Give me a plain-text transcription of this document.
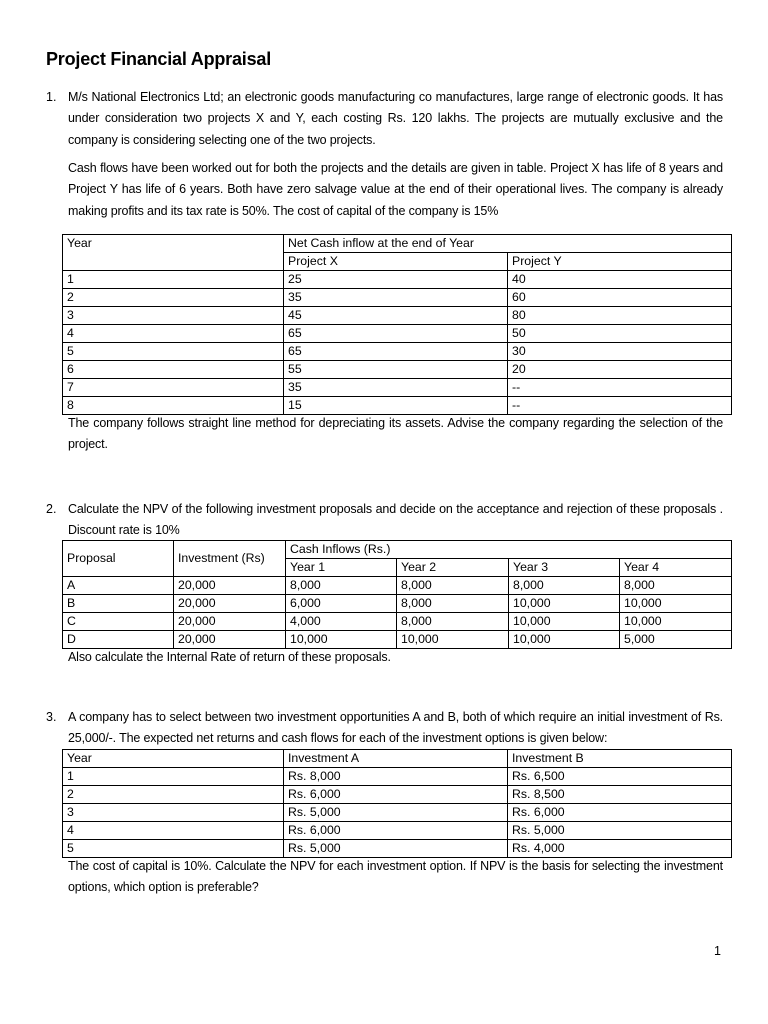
Project Financial Appraisal
1. M/s National Electronics Ltd; an electronic goods manufacturing co manufactures, large range of electronic goods. It has under consideration two projects X and Y, each costing Rs. 120 lakhs. The projects are mutually exclusive and the company is considering selecting one of the two projects.
Cash flows have been worked out for both the projects and the details are given in table. Project X has life of 8 years and Project Y has life of 6 years. Both have zero salvage value at the end of their operational lives. The company is already making profits and its tax rate is 50%. The cost of capital of the company is 15%
Year	Net Cash inflow at the end of Year	
	Project X	Project Y
1	25	40
2	35	60
3	45	80
4	65	50
5	65	30
6	55	20
7	35	--
8	15	--
The company follows straight line method for depreciating its assets. Advise the company regarding the selection of the project.
2. Calculate the NPV of the following investment proposals and decide on the acceptance and rejection of these proposals . Discount rate is 10%
Proposal	Investment (Rs)	Cash Inflows (Rs.)			
		Year 1	Year 2	Year 3	Year 4
A	20,000	8,000	8,000	8,000	8,000
B	20,000	6,000	8,000	10,000	10,000
C	20,000	4,000	8,000	10,000	10,000
D	20,000	10,000	10,000	10,000	5,000
Also calculate the Internal Rate of return of these proposals.
3. A company has to select between two investment opportunities A and B, both of which require an initial investment of Rs. 25,000/-. The expected net returns and cash flows for each of the investment options is given below:
Year	Investment A	Investment B
1	Rs. 8,000	Rs. 6,500
2	Rs. 6,000	Rs. 8,500
3	Rs. 5,000	Rs. 6,000
4	Rs. 6,000	Rs. 5,000
5	Rs. 5,000	Rs. 4,000
The cost of capital is 10%. Calculate the NPV for each investment option. If NPV is the basis for selecting the investment options, which option is preferable?
1
